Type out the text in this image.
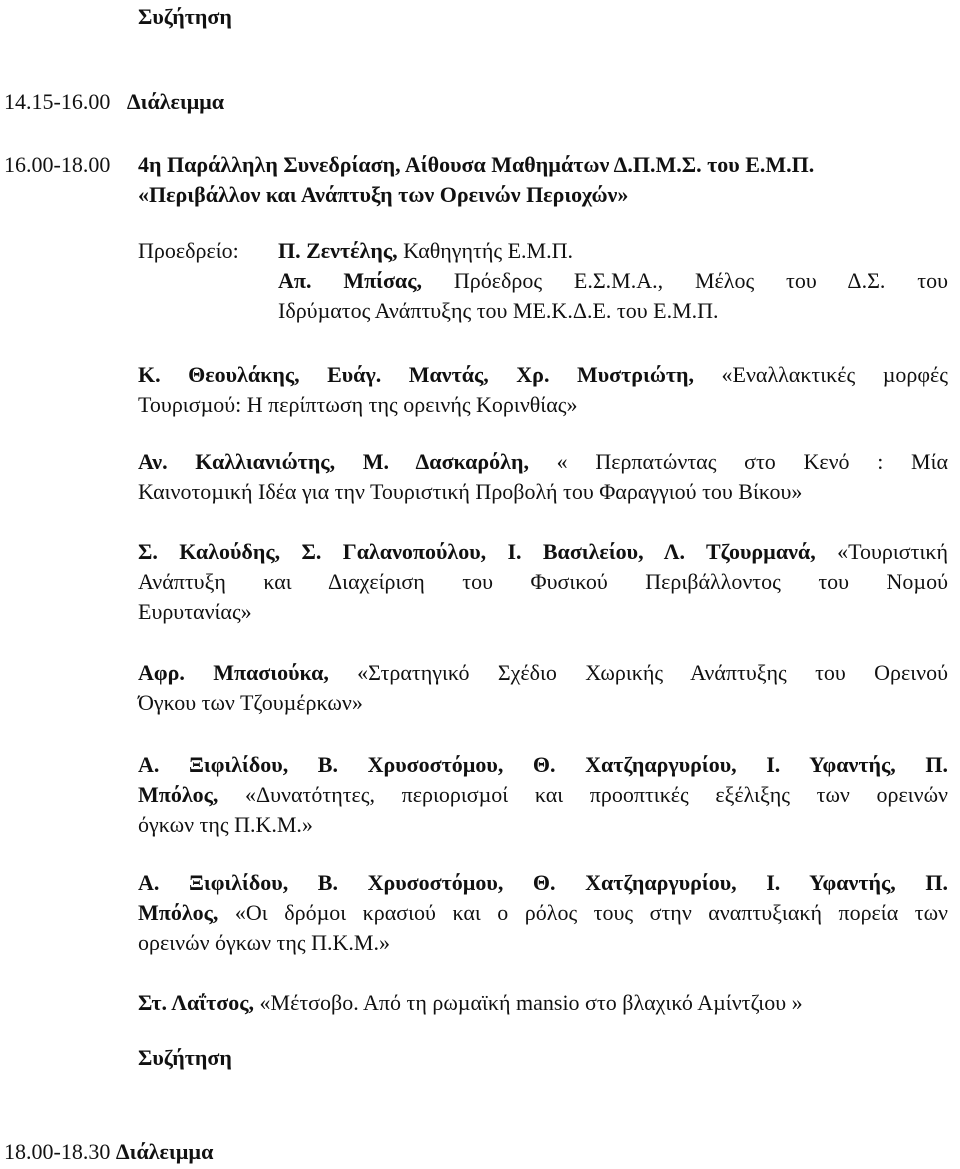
Συζήτηση
14.15-16.00 Διάλειμμα
16.00-18.00 4η Παράλληλη Συνεδρίαση, Αίθουσα Μαθηµάτων Δ.Π.Μ.Σ. του Ε.Μ.Π.
«Περιβάλλον και Ανάπτυξη των Ορεινών Περιοχών»
Προεδρείο: Π. Ζεντέλης, Καθηγητής Ε.Μ.Π.
Απ. Μπίσας, Πρόεδρος Ε.Σ.Μ.Α., Μέλος του Δ.Σ. του
Ιδρύµατος Ανάπτυξης του ΜΕ.Κ.Δ.Ε. του Ε.Μ.Π.
Κ. Θεουλάκης, Ευάγ. Μαντάς, Χρ. Μυστριώτη, «Εναλλακτικές µορφές
Τουρισµού: Η περίπτωση της ορεινής Κορινθίας»
Αν. Καλλιανιώτης, Μ. Δασκαρόλη, « Περπατώντας στο Κενό : Μία
Καινοτοµική Ιδέα για την Τουριστική Προβολή του Φαραγγιού του Βίκου»
Σ. Καλούδης, Σ. Γαλανοπούλου, Ι. Βασιλείου, Λ. Τζουρµανά, «Τουριστική
Ανάπτυξη και Διαχείριση του Φυσικού Περιβάλλοντος του Νοµού
Ευρυτανίας»
Αφρ. Μπασιούκα, «Στρατηγικό Σχέδιο Χωρικής Ανάπτυξης του Ορεινού
Όγκου των Τζουµέρκων»
Α. Ξιφιλίδου, Β. Χρυσοστόµου, Θ. Χατζηαργυρίου, Ι. Υφαντής, Π.
Μπόλος, «Δυνατότητες, περιορισµοί και προοπτικές εξέλιξης των ορεινών
όγκων της Π.Κ.Μ.»
Α. Ξιφιλίδου, Β. Χρυσοστόµου, Θ. Χατζηαργυρίου, Ι. Υφαντής, Π.
Μπόλος, «Οι δρόµοι κρασιού και ο ρόλος τους στην αναπτυξιακή πορεία των
ορεινών όγκων της Π.Κ.Μ.»
Στ. Λαΐτσος, «Μέτσοβο. Από τη ρωµαϊκή mansio στο βλαχικό Αµίντζιου »
Συζήτηση
18.00-18.30 Διάλειµµα
